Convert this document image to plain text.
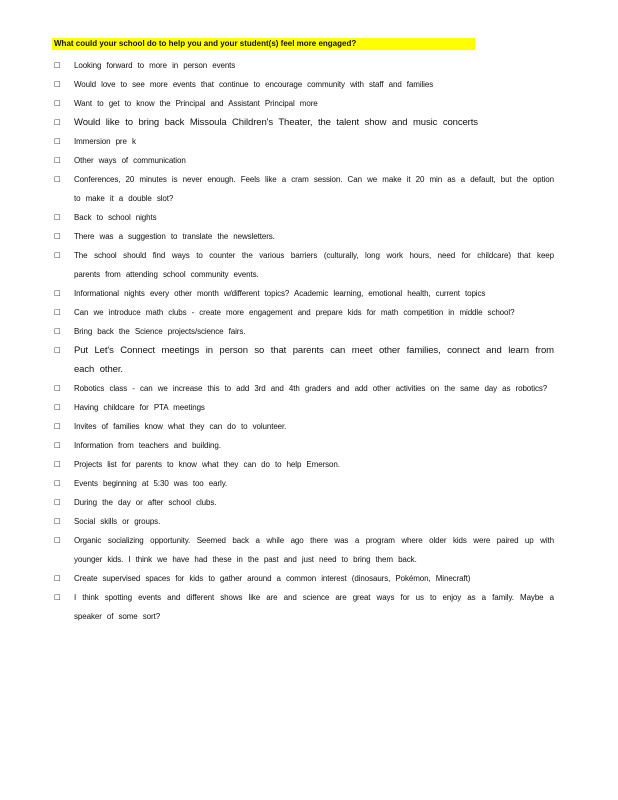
What could your school do to help you and your student(s) feel more engaged?
□ Looking forward to more in person events
□ Would love to see more events that continue to encourage community with staff and families
□ Want to get to know the Principal and Assistant Principal more
□ Would like to bring back Missoula Children's Theater, the talent show and music concerts
□ Immersion pre k
□ Other ways of communication
□ Conferences, 20 minutes is never enough. Feels like a cram session. Can we make it 20 min as a default, but the option to make it a double slot?
□ Back to school nights
□ There was a suggestion to translate the newsletters.
□ The school should find ways to counter the various barriers (culturally, long work hours, need for childcare) that keep parents from attending school community events.
□ Informational nights every other month w/different topics? Academic learning, emotional health, current topics
□ Can we introduce math clubs - create more engagement and prepare kids for math competition in middle school?
□ Bring back the Science projects/science fairs.
□ Put Let's Connect meetings in person so that parents can meet other families, connect and learn from each other.
□ Robotics class - can we increase this to add 3rd and 4th graders and add other activities on the same day as robotics?
□ Having childcare for PTA meetings
□ Invites of families know what they can do to volunteer.
□ Information from teachers and building.
□ Projects list for parents to know what they can do to help Emerson.
□ Events beginning at 5:30 was too early.
□ During the day or after school clubs.
□ Social skills or groups.
□ Organic socializing opportunity. Seemed back a while ago there was a program where older kids were paired up with younger kids. I think we have had these in the past and just need to bring them back.
□ Create supervised spaces for kids to gather around a common interest (dinosaurs, Pokémon, Minecraft)
□ I think spotting events and different shows like are and science are great ways for us to enjoy as a family. Maybe a speaker of some sort?
